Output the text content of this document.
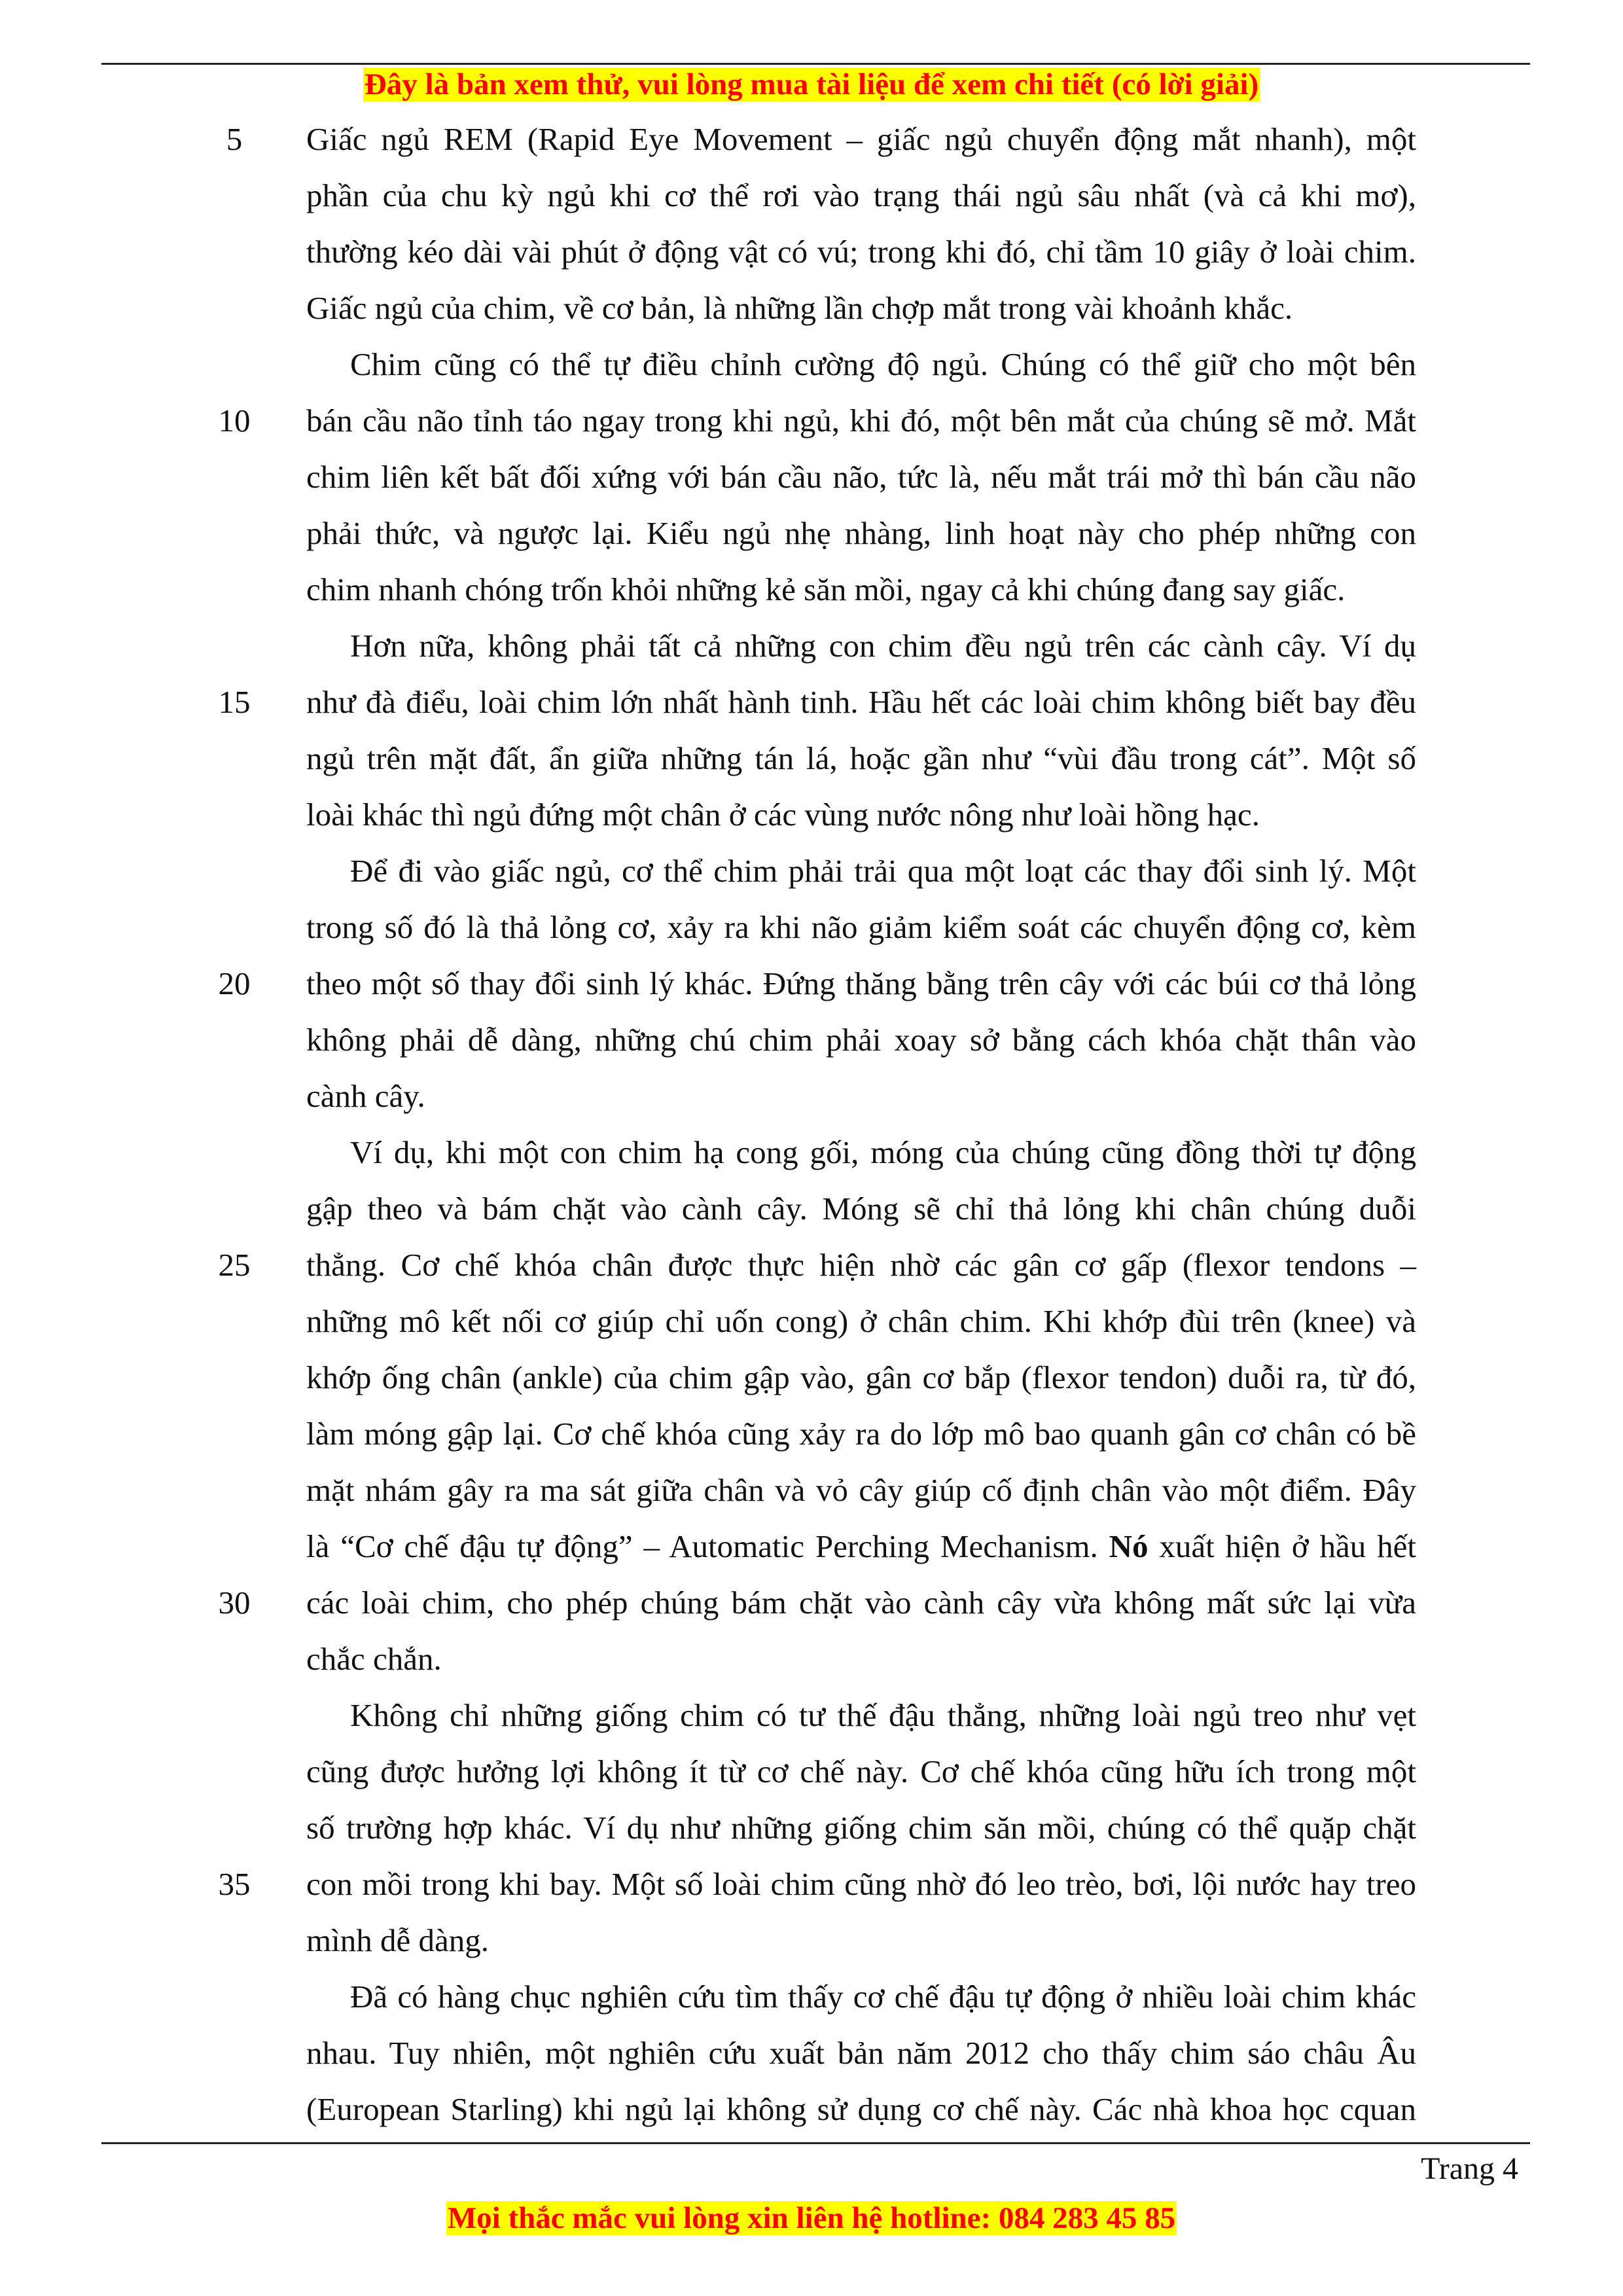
Đây là bản xem thử, vui lòng mua tài liệu để xem chi tiết (có lời giải)
5
10
15
20
25
30
35
Giấc ngủ REM (Rapid Eye Movement – giấc ngủ chuyển động mắt nhanh), một
phần của chu kỳ ngủ khi cơ thể rơi vào trạng thái ngủ sâu nhất (và cả khi mơ),
thường kéo dài vài phút ở động vật có vú; trong khi đó, chỉ tầm 10 giây ở loài chim.
Giấc ngủ của chim, về cơ bản, là những lần chợp mắt trong vài khoảnh khắc.
Chim cũng có thể tự điều chỉnh cường độ ngủ. Chúng có thể giữ cho một bên
bán cầu não tỉnh táo ngay trong khi ngủ, khi đó, một bên mắt của chúng sẽ mở. Mắt
chim liên kết bất đối xứng với bán cầu não, tức là, nếu mắt trái mở thì bán cầu não
phải thức, và ngược lại. Kiểu ngủ nhẹ nhàng, linh hoạt này cho phép những con
chim nhanh chóng trốn khỏi những kẻ săn mồi, ngay cả khi chúng đang say giấc.
Hơn nữa, không phải tất cả những con chim đều ngủ trên các cành cây. Ví dụ
như đà điểu, loài chim lớn nhất hành tinh. Hầu hết các loài chim không biết bay đều
ngủ trên mặt đất, ẩn giữa những tán lá, hoặc gần như “vùi đầu trong cát”. Một số
loài khác thì ngủ đứng một chân ở các vùng nước nông như loài hồng hạc.
Để đi vào giấc ngủ, cơ thể chim phải trải qua một loạt các thay đổi sinh lý. Một
trong số đó là thả lỏng cơ, xảy ra khi não giảm kiểm soát các chuyển động cơ, kèm
theo một số thay đổi sinh lý khác. Đứng thăng bằng trên cây với các búi cơ thả lỏng
không phải dễ dàng, những chú chim phải xoay sở bằng cách khóa chặt thân vào
cành cây.
Ví dụ, khi một con chim hạ cong gối, móng của chúng cũng đồng thời tự động
gập theo và bám chặt vào cành cây. Móng sẽ chỉ thả lỏng khi chân chúng duỗi
thẳng. Cơ chế khóa chân được thực hiện nhờ các gân cơ gấp (flexor tendons –
những mô kết nối cơ giúp chỉ uốn cong) ở chân chim. Khi khớp đùi trên (knee) và
khớp ống chân (ankle) của chim gập vào, gân cơ bắp (flexor tendon) duỗi ra, từ đó,
làm móng gập lại. Cơ chế khóa cũng xảy ra do lớp mô bao quanh gân cơ chân có bề
mặt nhám gây ra ma sát giữa chân và vỏ cây giúp cố định chân vào một điểm. Đây
là “Cơ chế đậu tự động” – Automatic Perching Mechanism. Nó xuất hiện ở hầu hết
các loài chim, cho phép chúng bám chặt vào cành cây vừa không mất sức lại vừa
chắc chắn.
Không chỉ những giống chim có tư thế đậu thẳng, những loài ngủ treo như vẹt
cũng được hưởng lợi không ít từ cơ chế này. Cơ chế khóa cũng hữu ích trong một
số trường hợp khác. Ví dụ như những giống chim săn mồi, chúng có thể quặp chặt
con mồi trong khi bay. Một số loài chim cũng nhờ đó leo trèo, bơi, lội nước hay treo
mình dễ dàng.
Đã có hàng chục nghiên cứu tìm thấy cơ chế đậu tự động ở nhiều loài chim khác
nhau. Tuy nhiên, một nghiên cứu xuất bản năm 2012 cho thấy chim sáo châu Âu
(European Starling) khi ngủ lại không sử dụng cơ chế này. Các nhà khoa học cquan
Trang 4
Mọi thắc mắc vui lòng xin liên hệ hotline: 084 283 45 85
